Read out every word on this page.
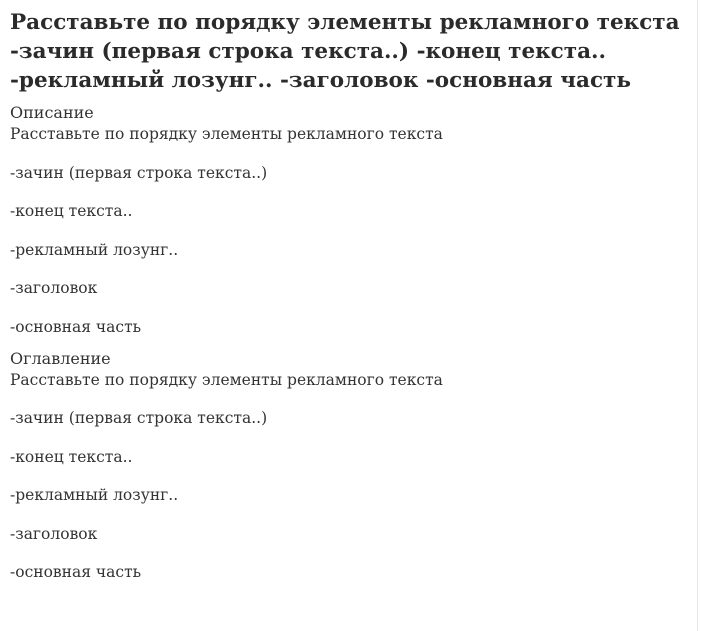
Расставьте по порядку элементы рекламного текста -зачин (первая строка текста..) -конец текста.. -рекламный лозунг.. -заголовок -основная часть
Описание

Расставьте по порядку элементы рекламного текста

-зачин (первая строка текста..)

-конец текста..

-рекламный лозунг..

-заголовок

-основная часть

Оглавление

Расставьте по порядку элементы рекламного текста

-зачин (первая строка текста..)

-конец текста..

-рекламный лозунг..

-заголовок

-основная часть
